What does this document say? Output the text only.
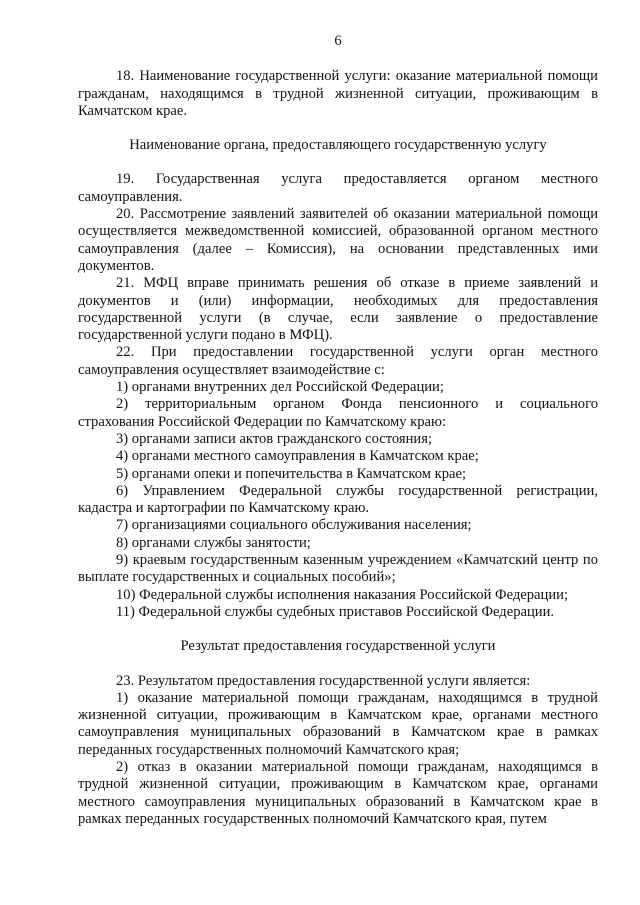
6

18. Наименование государственной услуги: оказание материальной помощи гражданам, находящимся в трудной жизненной ситуации, проживающим в Камчатском крае.

Наименование органа, предоставляющего государственную услугу

19. Государственная услуга предоставляется органом местного самоуправления.

20. Рассмотрение заявлений заявителей об оказании материальной помощи осуществляется межведомственной комиссией, образованной органом местного самоуправления (далее – Комиссия), на основании представленных ими документов.

21. МФЦ вправе принимать решения об отказе в приеме заявлений и документов и (или) информации, необходимых для предоставления государственной услуги (в случае, если заявление о предоставление государственной услуги подано в МФЦ).

22. При предоставлении государственной услуги орган местного самоуправления осуществляет взаимодействие с:

1) органами внутренних дел Российской Федерации;

2) территориальным органом Фонда пенсионного и социального страхования Российской Федерации по Камчатскому краю:

3) органами записи актов гражданского состояния;

4) органами местного самоуправления в Камчатском крае;

5) органами опеки и попечительства в Камчатском крае;

6) Управлением Федеральной службы государственной регистрации, кадастра и картографии по Камчатскому краю.

7) организациями социального обслуживания населения;

8) органами службы занятости;

9) краевым государственным казенным учреждением «Камчатский центр по выплате государственных и социальных пособий»;

10) Федеральной службы исполнения наказания Российской Федерации;

11) Федеральной службы судебных приставов Российской Федерации.

Результат предоставления государственной услуги

23. Результатом предоставления государственной услуги является:

1) оказание материальной помощи гражданам, находящимся в трудной жизненной ситуации, проживающим в Камчатском крае, органами местного самоуправления муниципальных образований в Камчатском крае в рамках переданных государственных полномочий Камчатского края;

2) отказ в оказании материальной помощи гражданам, находящимся в трудной жизненной ситуации, проживающим в Камчатском крае, органами местного самоуправления муниципальных образований в Камчатском крае в рамках переданных государственных полномочий Камчатского края, путем
